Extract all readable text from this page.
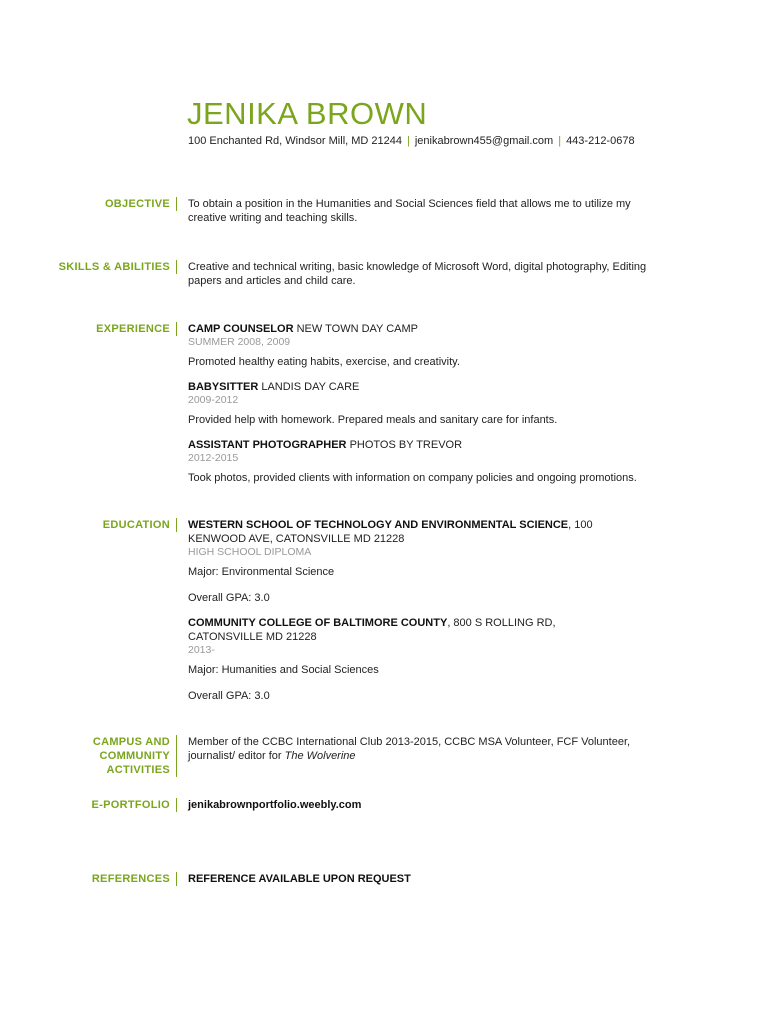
JENIKA BROWN
100 Enchanted Rd, Windsor Mill, MD 21244 | jenikabrown455@gmail.com | 443-212-0678
OBJECTIVE To obtain a position in the Humanities and Social Sciences field that allows me to utilize my creative writing and teaching skills.
SKILLS & ABILITIES Creative and technical writing, basic knowledge of Microsoft Word, digital photography, Editing papers and articles and child care.
EXPERIENCE CAMP COUNSELOR NEW TOWN DAY CAMP
SUMMER 2008, 2009
Promoted healthy eating habits, exercise, and creativity.
BABYSITTER LANDIS DAY CARE
2009-2012
Provided help with homework. Prepared meals and sanitary care for infants.
ASSISTANT PHOTOGRAPHER PHOTOS BY TREVOR
2012-2015
Took photos, provided clients with information on company policies and ongoing promotions.
EDUCATION WESTERN SCHOOL OF TECHNOLOGY AND ENVIRONMENTAL SCIENCE, 100 KENWOOD AVE, CATONSVILLE MD 21228
HIGH SCHOOL DIPLOMA
Major: Environmental Science
Overall GPA: 3.0
COMMUNITY COLLEGE OF BALTIMORE COUNTY, 800 S ROLLING RD, CATONSVILLE MD 21228
2013-
Major: Humanities and Social Sciences
Overall GPA: 3.0
CAMPUS AND COMMUNITY ACTIVITIES
Member of the CCBC International Club 2013-2015, CCBC MSA Volunteer, FCF Volunteer, journalist/ editor for The Wolverine
E-PORTFOLIO jenikabrownportfolio.weebly.com
REFERENCES REFERENCE AVAILABLE UPON REQUEST
